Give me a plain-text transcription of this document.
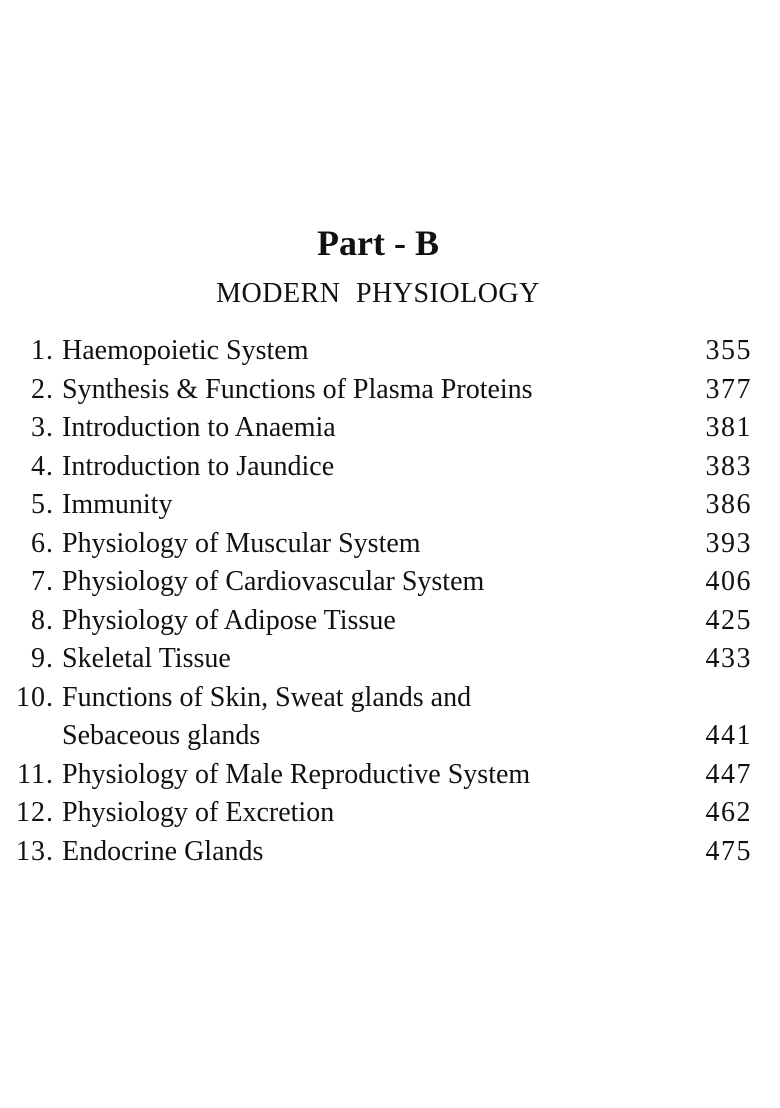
Part - B
MODERN PHYSIOLOGY
1. Haemopoietic System	355
2. Synthesis & Functions of Plasma Proteins	377
3. Introduction to Anaemia	381
4. Introduction to Jaundice	383
5. Immunity	386
6. Physiology of Muscular System	393
7. Physiology of Cardiovascular System	406
8. Physiology of Adipose Tissue	425
9. Skeletal Tissue	433
10. Functions of Skin, Sweat glands and
Sebaceous glands	441
11. Physiology of Male Reproductive System	447
12. Physiology of Excretion	462
13. Endocrine Glands	475
